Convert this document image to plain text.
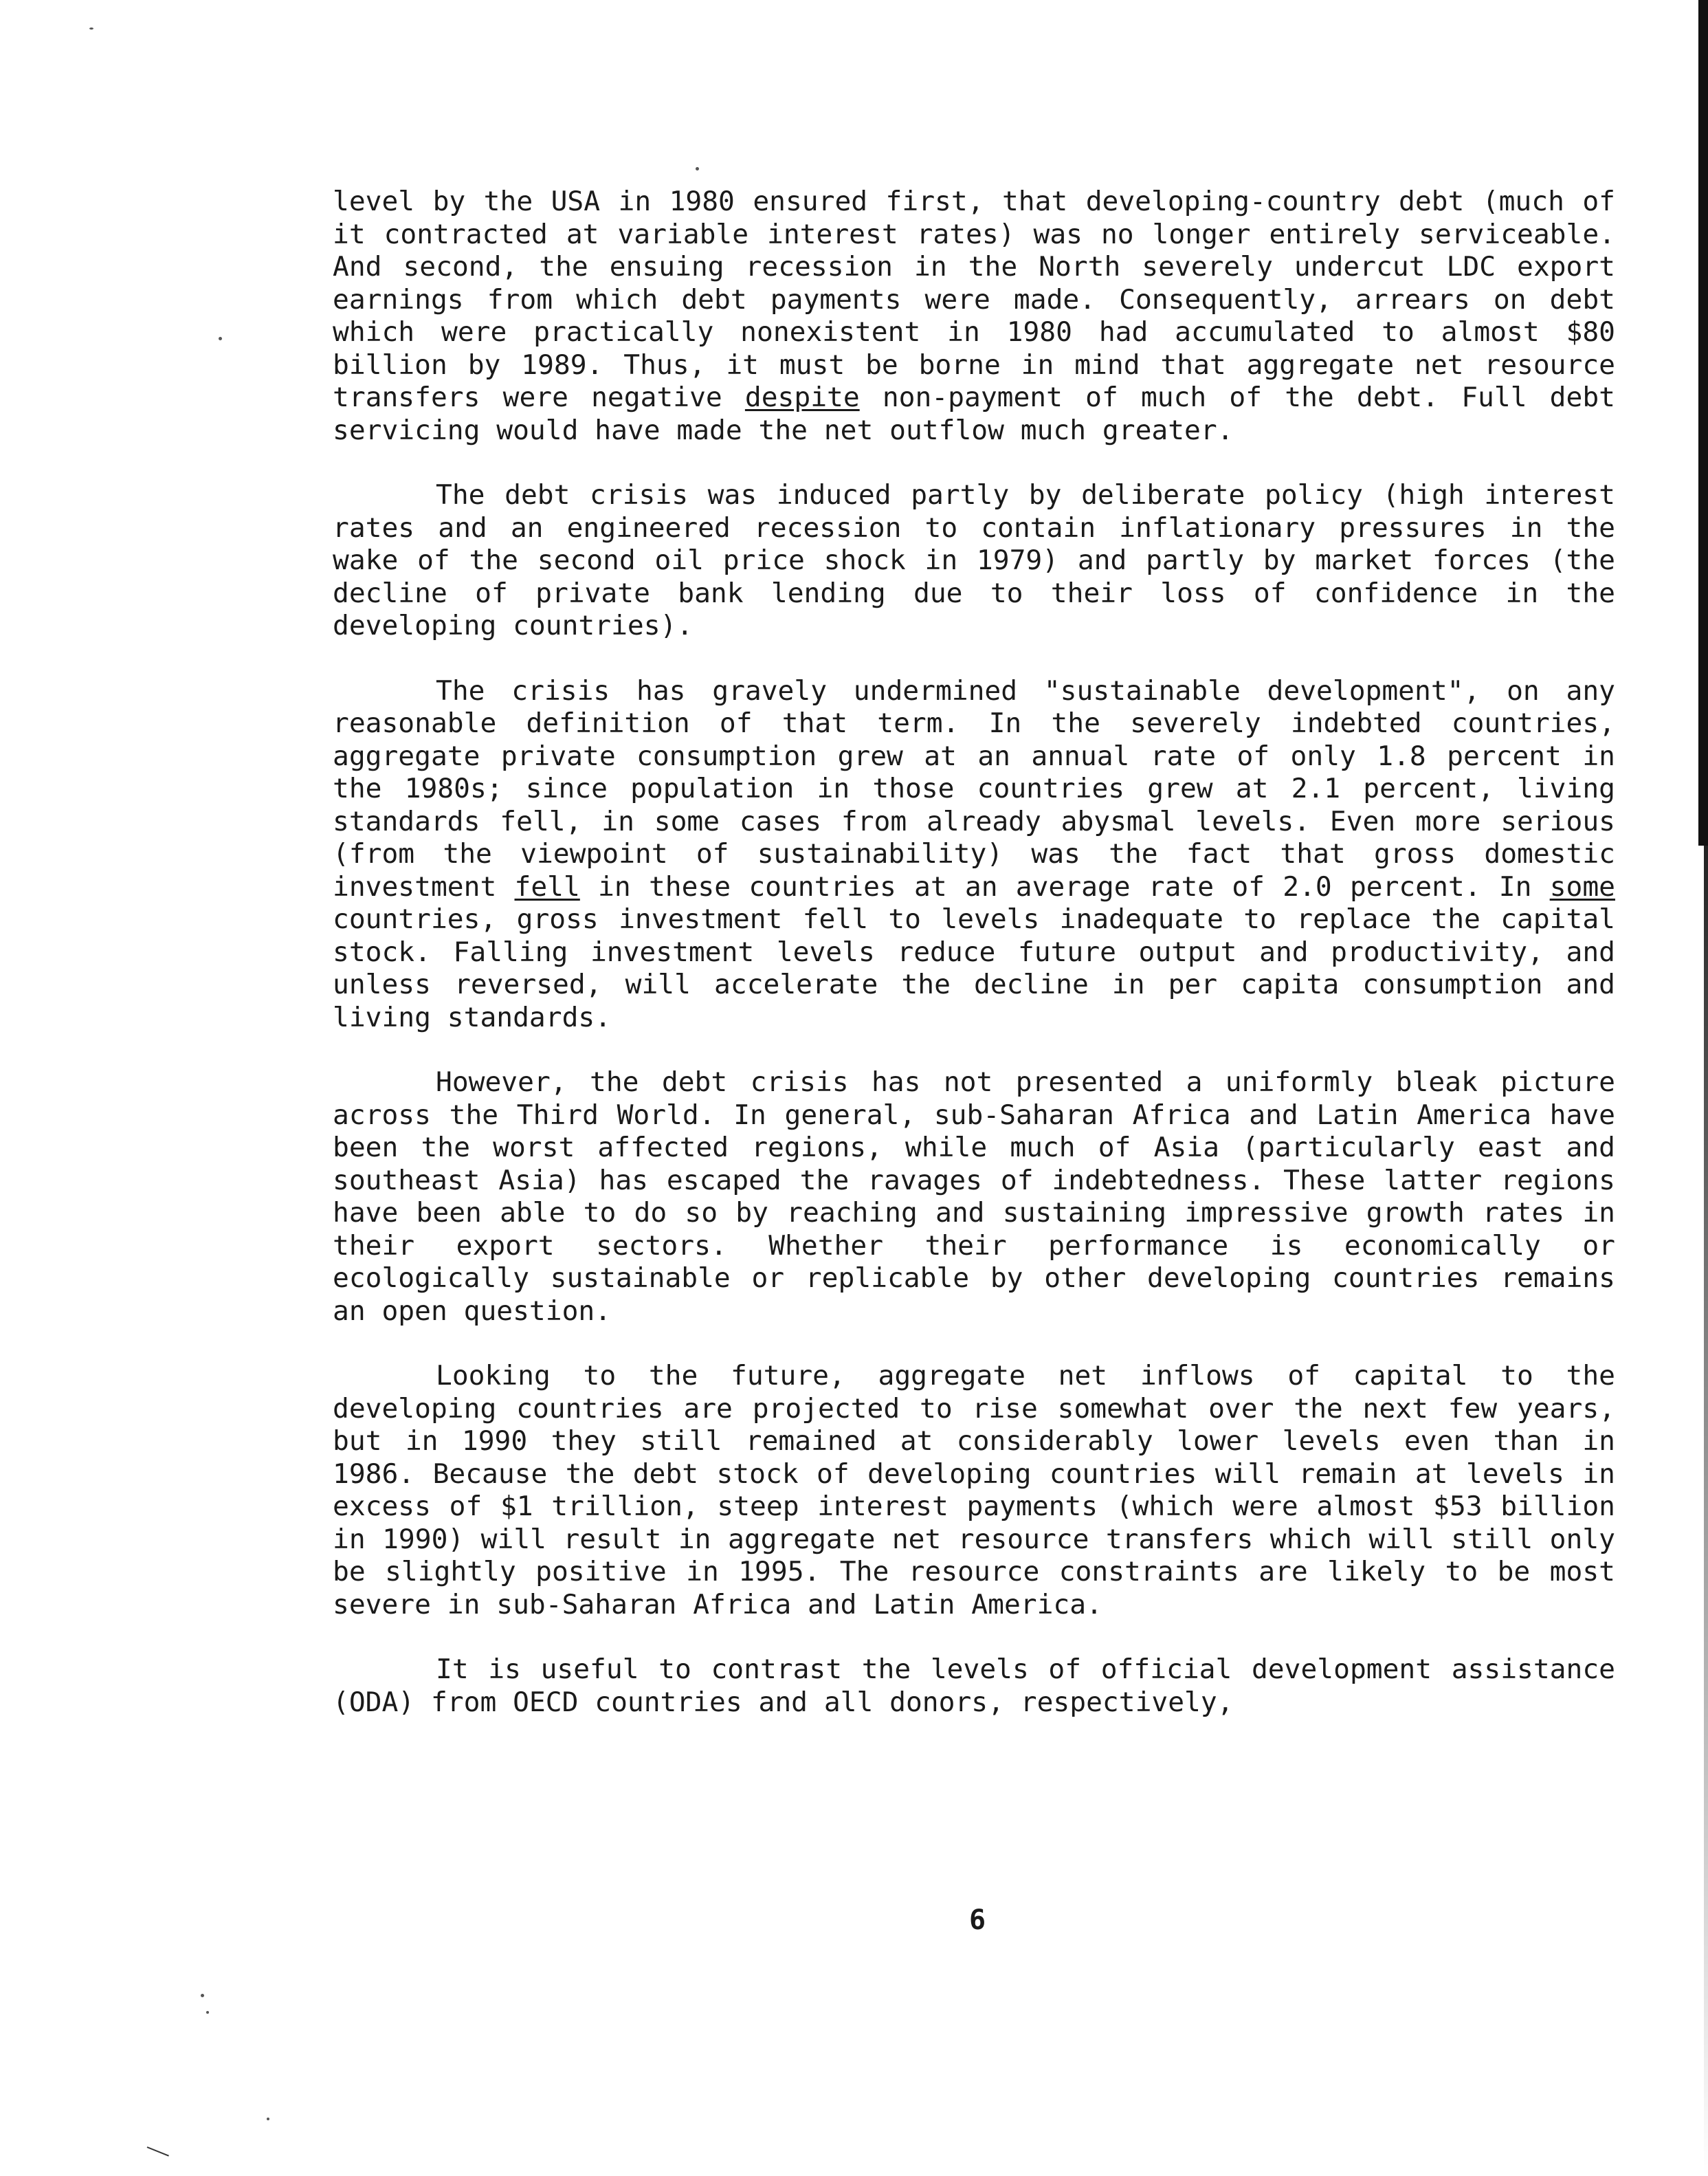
level by the USA in 1980 ensured first, that developing-country debt (much of it contracted at variable interest rates) was no longer entirely serviceable. And second, the ensuing recession in the North severely undercut LDC export earnings from which debt payments were made. Consequently, arrears on debt which were practically nonexistent in 1980 had accumulated to almost $80 billion by 1989. Thus, it must be borne in mind that aggregate net resource transfers were negative despite non-payment of much of the debt. Full debt servicing would have made the net outflow much greater.

The debt crisis was induced partly by deliberate policy (high interest rates and an engineered recession to contain inflationary pressures in the wake of the second oil price shock in 1979) and partly by market forces (the decline of private bank lending due to their loss of confidence in the developing countries).

The crisis has gravely undermined "sustainable development", on any reasonable definition of that term. In the severely indebted countries, aggregate private consumption grew at an annual rate of only 1.8 percent in the 1980s; since population in those countries grew at 2.1 percent, living standards fell, in some cases from already abysmal levels. Even more serious (from the viewpoint of sustainability) was the fact that gross domestic investment fell in these countries at an average rate of 2.0 percent. In some countries, gross investment fell to levels inadequate to replace the capital stock. Falling investment levels reduce future output and productivity, and unless reversed, will accelerate the decline in per capita consumption and living standards.

However, the debt crisis has not presented a uniformly bleak picture across the Third World. In general, sub-Saharan Africa and Latin America have been the worst affected regions, while much of Asia (particularly east and southeast Asia) has escaped the ravages of indebtedness. These latter regions have been able to do so by reaching and sustaining impressive growth rates in their export sectors. Whether their performance is economically or ecologically sustainable or replicable by other developing countries remains an open question.

Looking to the future, aggregate net inflows of capital to the developing countries are projected to rise somewhat over the next few years, but in 1990 they still remained at considerably lower levels even than in 1986. Because the debt stock of developing countries will remain at levels in excess of $1 trillion, steep interest payments (which were almost $53 billion in 1990) will result in aggregate net resource transfers which will still only be slightly positive in 1995. The resource constraints are likely to be most severe in sub-Saharan Africa and Latin America.

It is useful to contrast the levels of official development assistance (ODA) from OECD countries and all donors, respectively,

6
